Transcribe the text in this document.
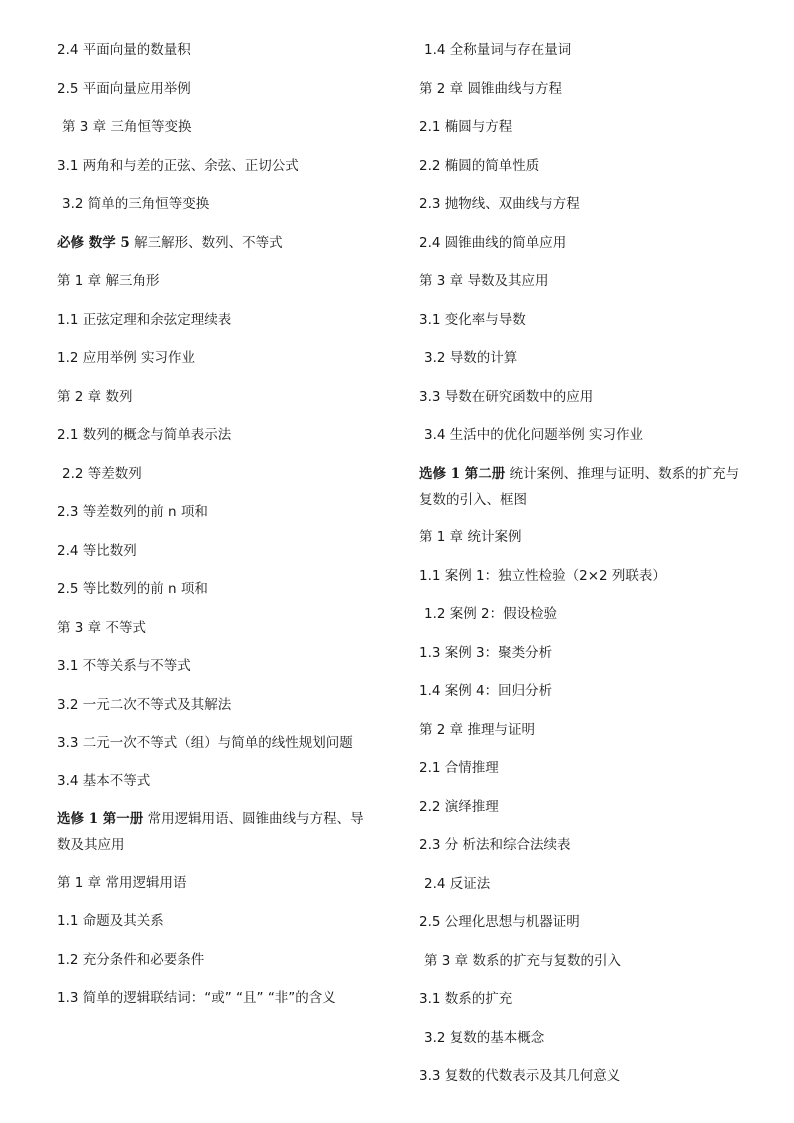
2.4 平面向量的数量积
2.5 平面向量应用举例
第 3 章 三角恒等变换
3.1 两角和与差的正弦、余弦、正切公式
3.2 简单的三角恒等变换
必修 数学 5 解三解形、数列、不等式
第 1 章 解三角形
1.1 正弦定理和余弦定理续表
1.2 应用举例 实习作业
第 2 章 数列
2.1 数列的概念与简单表示法
2.2 等差数列
2.3 等差数列的前 n 项和
2.4 等比数列
2.5 等比数列的前 n 项和
第 3 章 不等式
3.1 不等关系与不等式
3.2 一元二次不等式及其解法
3.3 二元一次不等式（组）与简单的线性规划问题
3.4 基本不等式
选修 1 第一册 常用逻辑用语、圆锥曲线与方程、导数及其应用
第 1 章 常用逻辑用语
1.1 命题及其关系
1.2 充分条件和必要条件
1.3 简单的逻辑联结词：“或” “且” “非”的含义
1.4 全称量词与存在量词
第 2 章 圆锥曲线与方程
2.1 椭圆与方程
2.2 椭圆的简单性质
2.3 抛物线、双曲线与方程
2.4 圆锥曲线的简单应用
第 3 章 导数及其应用
3.1 变化率与导数
3.2 导数的计算
3.3 导数在研究函数中的应用
3.4 生活中的优化问题举例 实习作业
选修 1 第二册 统计案例、推理与证明、数系的扩充与复数的引入、框图
第 1 章 统计案例
1.1 案例 1：独立性检验（2×2 列联表）
1.2 案例 2：假设检验
1.3 案例 3：聚类分析
1.4 案例 4：回归分析
第 2 章 推理与证明
2.1 合情推理
2.2 演绎推理
2.3 分 析法和综合法续表
2.4 反证法
2.5 公理化思想与机器证明
第 3 章 数系的扩充与复数的引入
3.1 数系的扩充
3.2 复数的基本概念
3.3 复数的代数表示及其几何意义
